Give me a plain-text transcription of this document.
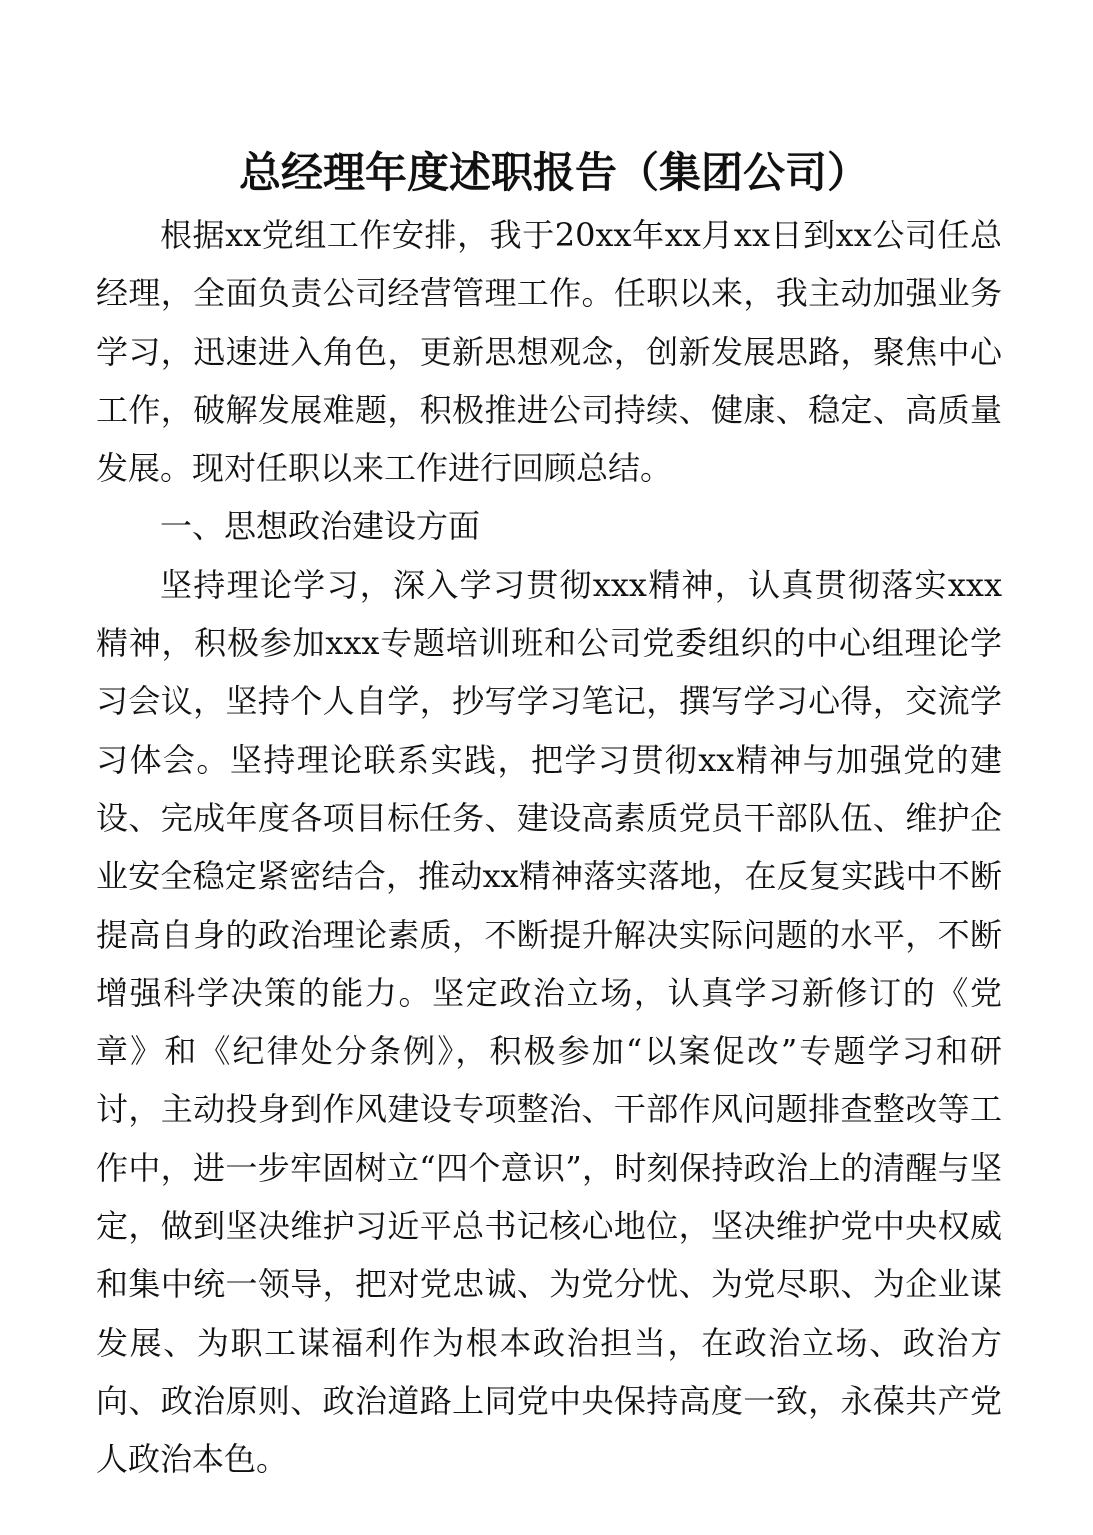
总经理年度述职报告（集团公司）

根据xx党组工作安排，我于20xx年xx月xx日到xx公司任总经理，全面负责公司经营管理工作。任职以来，我主动加强业务学习，迅速进入角色，更新思想观念，创新发展思路，聚焦中心工作，破解发展难题，积极推进公司持续、健康、稳定、高质量发展。现对任职以来工作进行回顾总结。

一、思想政治建设方面

坚持理论学习，深入学习贯彻xxx精神，认真贯彻落实xxx精神，积极参加xxx专题培训班和公司党委组织的中心组理论学习会议，坚持个人自学，抄写学习笔记，撰写学习心得，交流学习体会。坚持理论联系实践，把学习贯彻xx精神与加强党的建设、完成年度各项目标任务、建设高素质党员干部队伍、维护企业安全稳定紧密结合，推动xx精神落实落地，在反复实践中不断提高自身的政治理论素质，不断提升解决实际问题的水平，不断增强科学决策的能力。坚定政治立场，认真学习新修订的《党章》和《纪律处分条例》，积极参加“以案促改”专题学习和研讨，主动投身到作风建设专项整治、干部作风问题排查整改等工作中，进一步牢固树立“四个意识”，时刻保持政治上的清醒与坚定，做到坚决维护习近平总书记核心地位，坚决维护党中央权威和集中统一领导，把对党忠诚、为党分忧、为党尽职、为企业谋发展、为职工谋福利作为根本政治担当，在政治立场、政治方向、政治原则、政治道路上同党中央保持高度一致，永葆共产党人政治本色。
